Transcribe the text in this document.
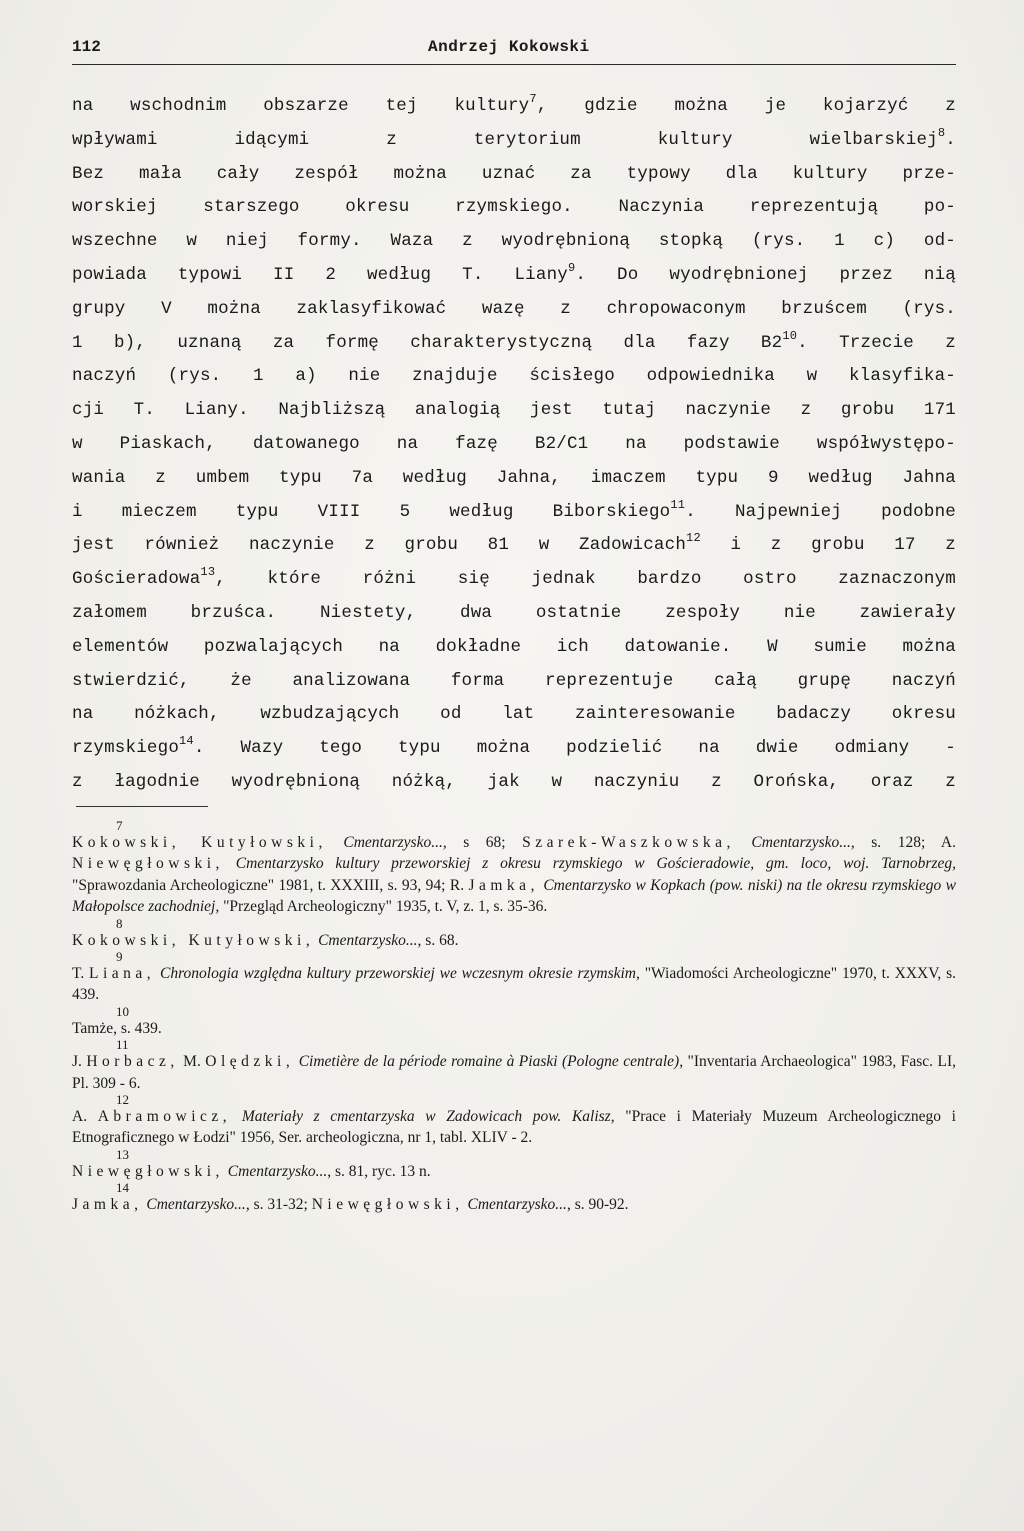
112	Andrzej Kokowski
na wschodnim obszarze tej kultury$^7$, gdzie można je kojarzyć z
wpływami idącymi z terytorium kultury wielbarskiej$^8$.
Bez mała cały zespół można uznać za typowy dla kultury prze-
worskiej starszego okresu rzymskiego. Naczynia reprezentują po-
wszechne w niej formy. Waza z wyodrębnioną stopką (rys. 1 c) od-
powiada typowi II 2 według T. Liany$^9$. Do wyodrębnionej przez nią
grupy V można zaklasyfikować wazę z chropowaconym brzuścem (rys.
1 b), uznaną za formę charakterystyczną dla fazy $B2^{10}$. Trzecie z
naczyń (rys. 1 a) nie znajduje ścisłego odpowiednika w klasyfika-
cji T. Liany. Najbliższą analogią jest tutaj naczynie z grobu 171
w Piaskach, datowanego na fazę B2/C1 na podstawie współwystępo-
wania z umbem typu 7a według Jahna, imaczem typu 9 według Jahna
i mieczem typu VIII 5 według Biborskiego$^{11}$. Najpewniej podobne
jest również naczynie z grobu 81 w Zadowicach$^{12}$ i z grobu 17 z
Gościeradowa$^{13}$, które różni się jednak bardzo ostro zaznaczonym
załomem brzuśca. Niestety, dwa ostatnie zespoły nie zawierały
elementów pozwalających na dokładne ich datowanie. W sumie można
stwierdzić, że analizowana forma reprezentuje całą grupę naczyń
na nóżkach, wzbudzających od lat zainteresowanie badaczy okresu
rzymskiego$^{14}$. Wazy tego typu można podzielić na dwie odmiany -
z łagodnie wyodrębnioną nóżką, jak w naczyniu z Orońska, oraz z
7
Kokowski, Kutyłowski, Cmentarzysko..., s 68; Szarek-Waszkowska, Cmentarzysko..., s. 128; A. Niewęgłowski, Cmentarzysko kultury przeworskiej z okresu rzymskiego w Gościeradowie, gm. loco, woj. Tarnobrzeg, "Sprawozdania Archeologiczne" 1981, t. XXXIII, s. 93, 94; R. Jamka, Cmentarzysko w Kopkach (pow. niski) na tle okresu rzymskiego w Małopolsce zachodniej, "Przegląd Archeologiczny" 1935, t. V, z. 1, s. 35-36.
8
Kokowski, Kutyłowski, Cmentarzysko..., s. 68.
9
T. Liana, Chronologia względna kultury przeworskiej we wczesnym okresie rzymskim, "Wiadomości Archeologiczne" 1970, t. XXXV, s. 439.
10
Tamże, s. 439.
11
J. Horbacz, M. Olędzki, Cimetière de la période romaine à Piaski (Pologne centrale), "Inventaria Archaeologica" 1983, Fasc. LI, Pl. 309 - 6.
12
A. Abramowicz, Materiały z cmentarzyska w Zadowicach pow. Kalisz, "Prace i Materiały Muzeum Archeologicznego i Etnograficznego w Łodzi" 1956, Ser. archeologiczna, nr 1, tabl. XLIV - 2.
13
Niewęgłowski, Cmentarzysko..., s. 81, ryc. 13 n.
14
Jamka, Cmentarzysko..., s. 31-32; Niewęgłowski, Cmentarzysko..., s. 90-92.
